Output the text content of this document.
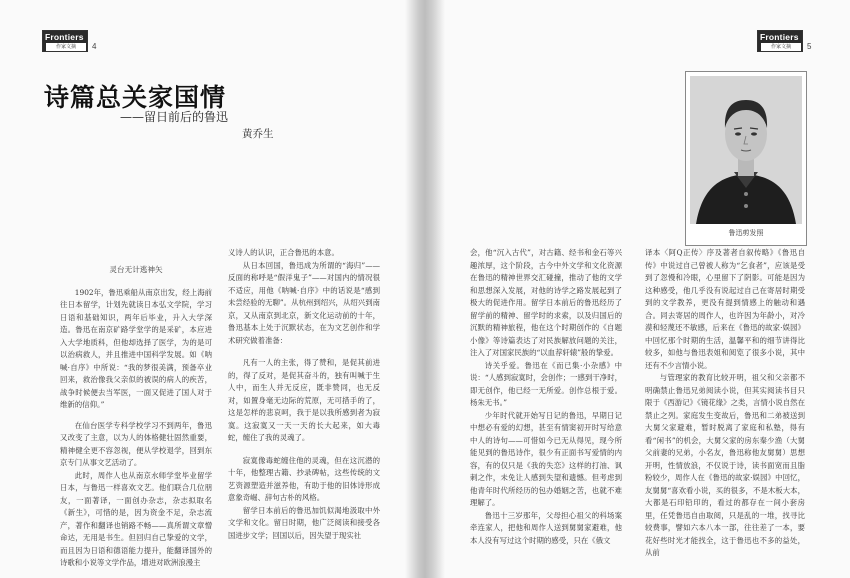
Frontiers
作家文摘	4
Frontiers
作家文摘	5
诗篇总关家国情
——留日前后的鲁迅
黄乔生

灵台无计逃神矢

1902年，鲁迅乘船从南京出发，经上海前往日本留学，计划先就读日本弘文学院，学习日语和基础知识，两年后毕业，升入大学深造。鲁迅在南京矿路学堂学的是采矿，本应进入大学地质科，但他却选择了医学，为的是可以治病救人，并且推进中国科学发展。如《呐喊·自序》中所说：“我的梦很美满，预备卒业回来，救治像我父亲似的被误的病人的疾苦，战争时候便去当军医，一面又促进了国人对于维新的信仰。”

在仙台医学专科学校学习不到两年，鲁迅又改变了主意，以为人的体格健壮固然重要，精神健全更不容忽视，便从学校退学，回到东京专门从事文艺活动了。

此时，周作人也从南京水师学堂毕业留学日本，与鲁迅一样喜欢文艺。他们联合几位朋友，一面著译，一面创办杂志，杂志拟取名《新生》，可惜的是，因为资金不足，杂志流产，著作和翻译也销路不畅——真所谓文章憎命达，无用是书生。但回归自己挚爱的文学，而且因为日语和德语能力提升，能翻译国外的诗歌和小说等文学作品，增进对欧洲浪漫主

义诗人的认识，正合鲁迅的本意。

从日本回国，鲁迅成为所谓的“海归”——反面的称呼是“假洋鬼子”——对国内的情况很不适应，用他《呐喊·自序》中的话说是“感到未尝经验的无聊”。从杭州到绍兴，从绍兴到南京，又从南京到北京，新文化运动前的十年，鲁迅基本上处于沉默状态，在为文艺创作和学术研究做着准备：

凡有一人的主张，得了赞和，是促其前进的，得了反对，是促其奋斗的，独有叫喊于生人中，而生人并无反应，既非赞同，也无反对，如置身毫无边际的荒原，无可措手的了，这是怎样的悲哀呵，我于是以我所感到者为寂寞。这寂寞又一天一天的长大起来，如大毒蛇，缠住了我的灵魂了。

寂寞像毒蛇缠住他的灵魂，但在这沉潜的十年，他整理古籍、抄录碑帖，这些传统的文艺资源塑造并滋养他，有助于他的旧体诗形成意象奇崛、辞句古朴的风格。

留学日本前后的鲁迅加饥似渴地汲取中外文学和文化。留日时期，他广泛阅读和接受各国进步文学；回国以后，因失望于现实社

鲁迅剪发照

会，他“沉入古代”，对古籍、经书和金石等兴趣浓厚，这个阶段，古今中外文学和文化资源在鲁迅的精神世界交汇碰撞，推动了他的文学和思想深入发展，对他的诗学之路发展起到了极大的促进作用。留学日本前后的鲁迅经历了留学前的精神、留学时的求索，以及归国后的沉默的精神旅程，他在这个时期创作的《自题小像》等诗篇表达了对民族解放问题的关注，注入了对国家民族的“以血荐轩辕”般的挚爱。

诗关乎爱。鲁迅在《而已集·小杂感》中说：“人感到寂寞时，会创作；一感到干净时，即无创作，他已经一无所爱。创作总根于爱。杨朱无书。”

少年时代就开始写日记的鲁迅，早期日记中想必有爱的幻想，甚至有情窦初开时写给意中人的诗句——可惜如今已无从得见，现今所能见到的鲁迅诗作，很少有正面书写爱情的内容，有的仅只是《我的失恋》这样的打油、讽刺之作，未免让人感到失望和遗憾。但考虑到他青年时代所经历的包办婚姻之苦，也就不难理解了。

鲁迅十三岁那年，父母担心祖父的科场案牵连家人，把他和周作人送到舅舅家避难，他本人没有写过这个时期的感受，只在《俄文

译本〈阿Q正传〉序及著者自叙传略》《鲁迅自传》中说过自己曾被人称为“乞食者”，应该是受到了忽慢和冷眼，心里留下了阴影。可能是因为这种感受，他几乎没有说起过自己在寄居时期受到的文学教养，更没有提到情感上的触动和遇合。同去寄居的周作人，也许因为年龄小，对冷漠和轻蔑还不敏感，后来在《鲁迅的故家·娱园》中回忆那个时期的生活，温馨平和的细节讲得比较多，如他与鲁迅表姐和阅览了很多小说，其中还有不少言情小说。

与管理家的教育比较开明，祖父和父亲都不明确禁止鲁迅兄弟阅读小说，但其实阅读书目只限于《西游记》《镜花缘》之类，言情小说自然在禁止之列。家庭发生变故后，鲁迅和二弟被送到大舅父家避难，暂时脱离了家庭和私塾，得有看“闲书”的机会，大舅父家的房东秦少渔（大舅父前妻的兄弟，小名友，鲁迅称他友舅舅）思想开明，性情放浪，不仅说于诗，读书面宽而且脂粉较少，周作人在《鲁迅的故家·娱园》中回忆，友舅舅“喜欢看小说，买的很多，不是木板大本，大都是石印铅印的，看过的都存在一间小套房里，任凭鲁迅自由取阅，只是乱的一堆，找寻比较费事，譬如六本八本一部，往往差了一本，要花好些时光才能找全，这于鲁迅也不多的益处，从前
